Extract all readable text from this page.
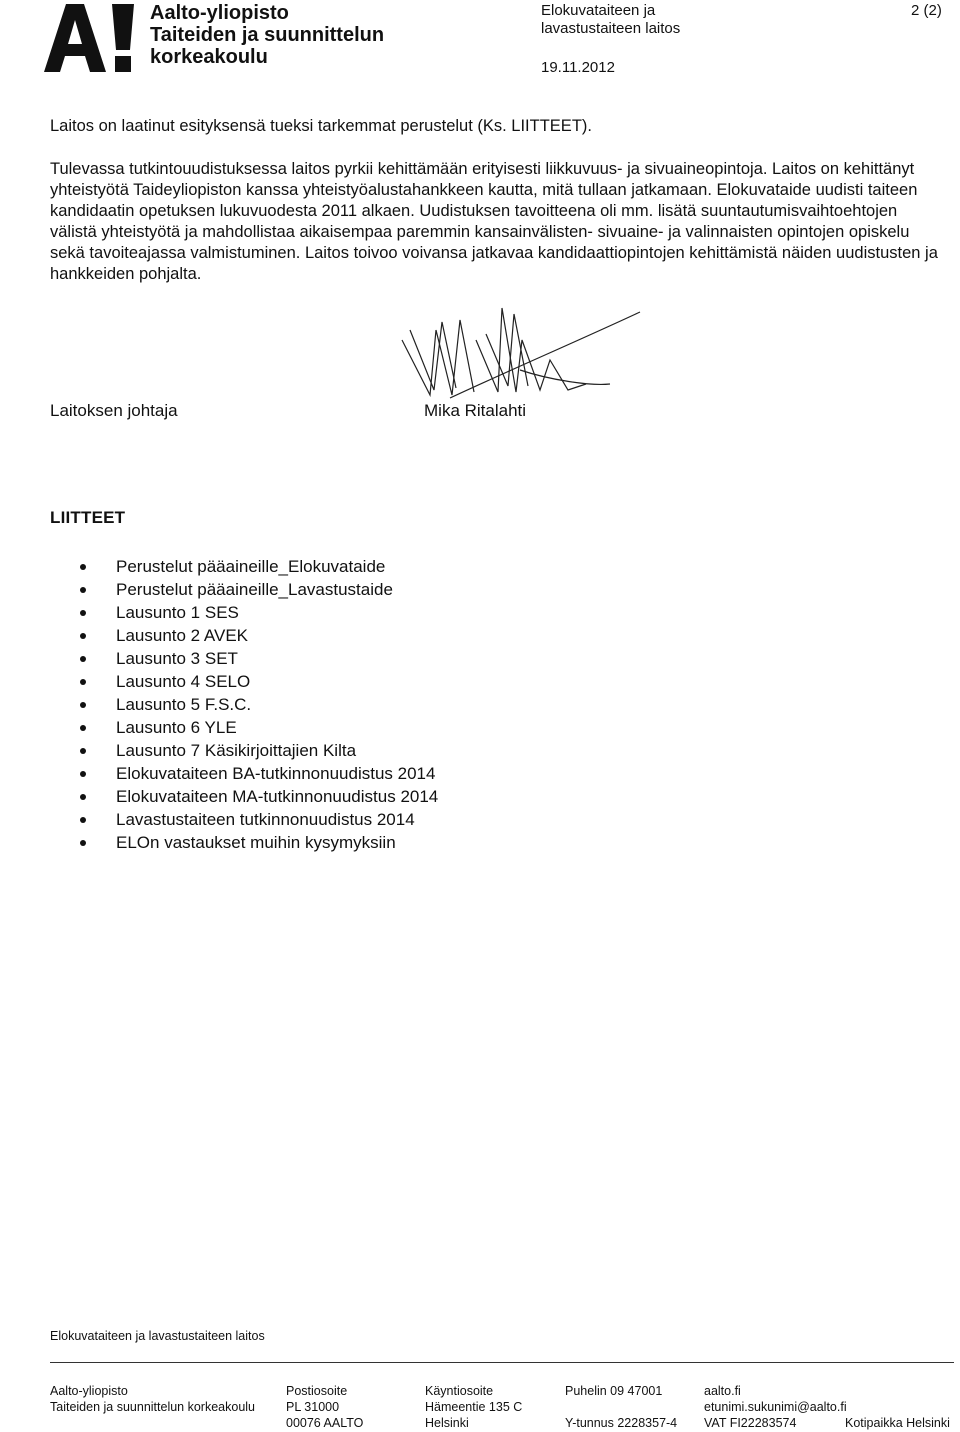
Aalto-yliopisto
Taiteiden ja suunnittelun
korkeakoulu
Elokuvataiteen ja
lavastustaiteen laitos
19.11.2012
2 (2)
Laitos on laatinut esityksensä tueksi tarkemmat perustelut (Ks. LIITTEET).
Tulevassa tutkintouudistuksessa laitos pyrkii kehittämään erityisesti liikkuvuus- ja sivuaineopintoja. Laitos on kehittänyt yhteistyötä Taideyliopiston kanssa yhteistyöalustahankkeen kautta, mitä tullaan jatkamaan. Elokuvataide uudisti taiteen kandidaatin opetuksen lukuvuodesta 2011 alkaen. Uudistuksen tavoitteena oli mm. lisätä suuntautumisvaihtoehtojen välistä yhteistyötä ja mahdollistaa aikaisempaa paremmin kansainvälisten- sivuaine- ja valinnaisten opintojen opiskelu sekä tavoiteajassa valmistuminen. Laitos toivoo voivansa jatkavaa kandidaattiopintojen kehittämistä näiden uudistusten ja hankkeiden pohjalta.
Laitoksen johtaja	Mika Ritalahti
LIITTEET
Perustelut pääaineille_Elokuvataide
Perustelut pääaineille_Lavastustaide
Lausunto 1 SES
Lausunto 2 AVEK
Lausunto 3 SET
Lausunto 4 SELO
Lausunto 5 F.S.C.
Lausunto 6 YLE
Lausunto 7 Käsikirjoittajien Kilta
Elokuvataiteen BA-tutkinnonuudistus 2014
Elokuvataiteen MA-tutkinnonuudistus 2014
Lavastustaiteen tutkinnonuudistus 2014
ELOn vastaukset muihin kysymyksiin
Elokuvataiteen ja lavastustaiteen laitos
Aalto-yliopisto
Taiteiden ja suunnittelun korkeakoulu
Postiosoite
PL 31000
00076 AALTO
Käyntiosoite
Hämeentie 135 C
Helsinki
Puhelin 09 47001
Y-tunnus 2228357-4
aalto.fi
etunimi.sukunimi@aalto.fi
VAT FI22283574	Kotipaikka Helsinki
